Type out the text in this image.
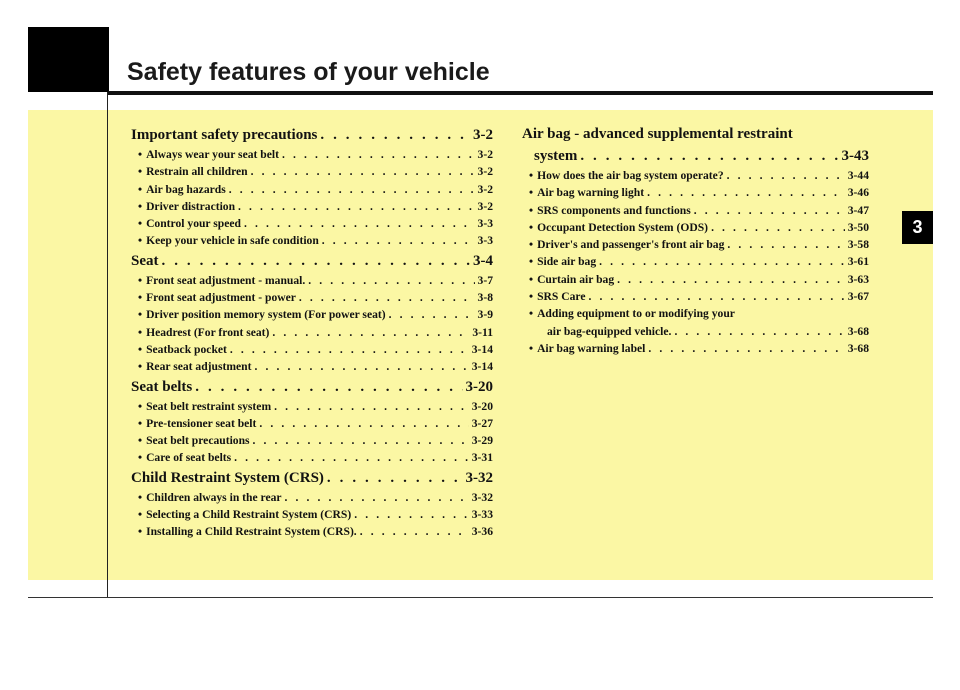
Safety features of your vehicle
3
Important safety precautions . . .	3-2
• Always wear your seat belt . . .	3-2
• Restrain all children . . .	3-2
• Air bag hazards . . .	3-2
• Driver distraction . . .	3-2
• Control your speed . . .	3-3
• Keep your vehicle in safe condition . . .	3-3
Seat . . .	3-4
• Front seat adjustment - manual. . . .	3-7
• Front seat adjustment - power . . .	3-8
• Driver position memory system (For power seat) . . .	3-9
• Headrest (For front seat) . . .	3-11
• Seatback pocket . . .	3-14
• Rear seat adjustment . . .	3-14
Seat belts . . .	3-20
• Seat belt restraint system . . .	3-20
• Pre-tensioner seat belt . . .	3-27
• Seat belt precautions . . .	3-29
• Care of seat belts . . .	3-31
Child Restraint System (CRS) . . .	3-32
• Children always in the rear . . .	3-32
• Selecting a Child Restraint System (CRS) . . .	3-33
• Installing a Child Restraint System (CRS). . . .	3-36
Air bag - advanced supplemental restraint
system . . .	3-43
• How does the air bag system operate? . . .	3-44
• Air bag warning light . . .	3-46
• SRS components and functions . . .	3-47
• Occupant Detection System (ODS) . . .	3-50
• Driver's and passenger's front air bag . . .	3-58
• Side air bag . . .	3-61
• Curtain air bag . . .	3-63
• SRS Care . . .	3-67
• Adding equipment to or modifying your
air bag-equipped vehicle. . . .	3-68
• Air bag warning label . . .	3-68
